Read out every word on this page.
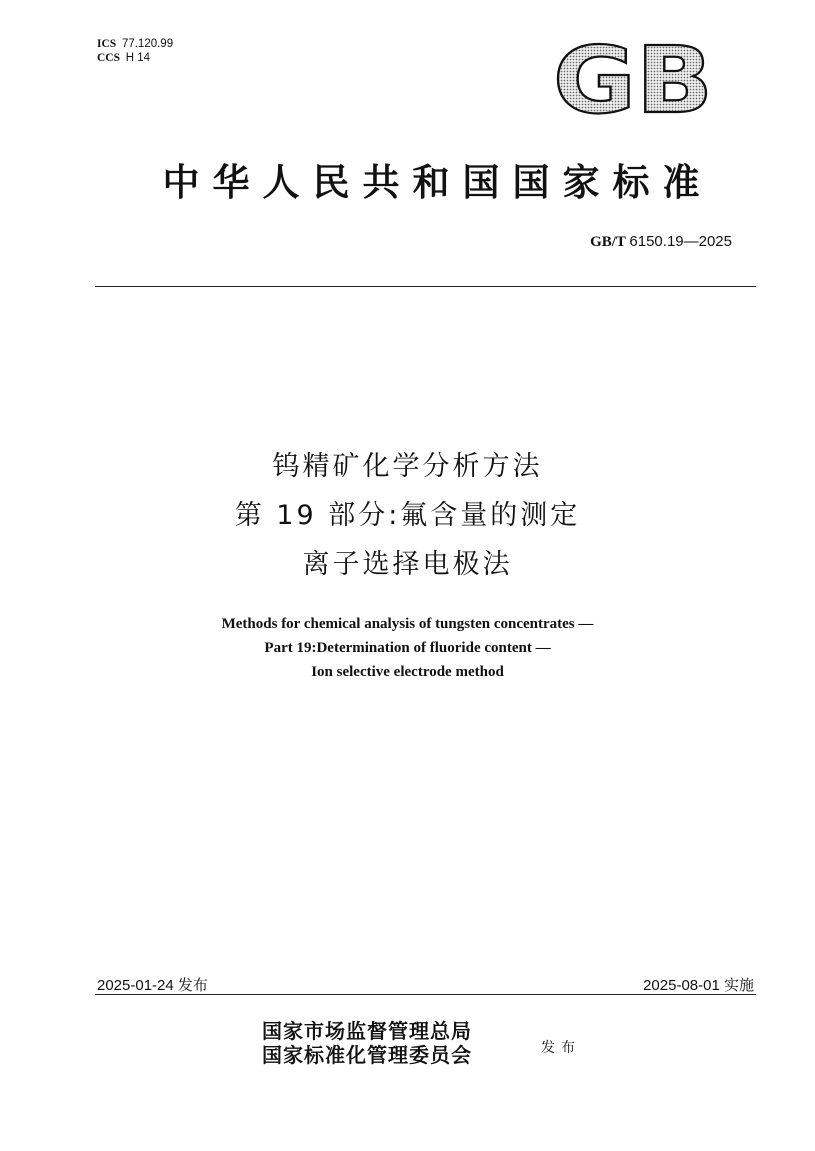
ICS 77.120.99
CCS H 14	GB
中华人民共和国国家标准
GB/T 6150.19—2025
钨精矿化学分析方法
第 19 部分:氟含量的测定
离子选择电极法
Methods for chemical analysis of tungsten concentrates —
Part 19:Determination of fluoride content —
Ion selective electrode method
2025-01-24 发布	2025-08-01 实施
国家市场监督管理总局
国家标准化管理委员会	发布
